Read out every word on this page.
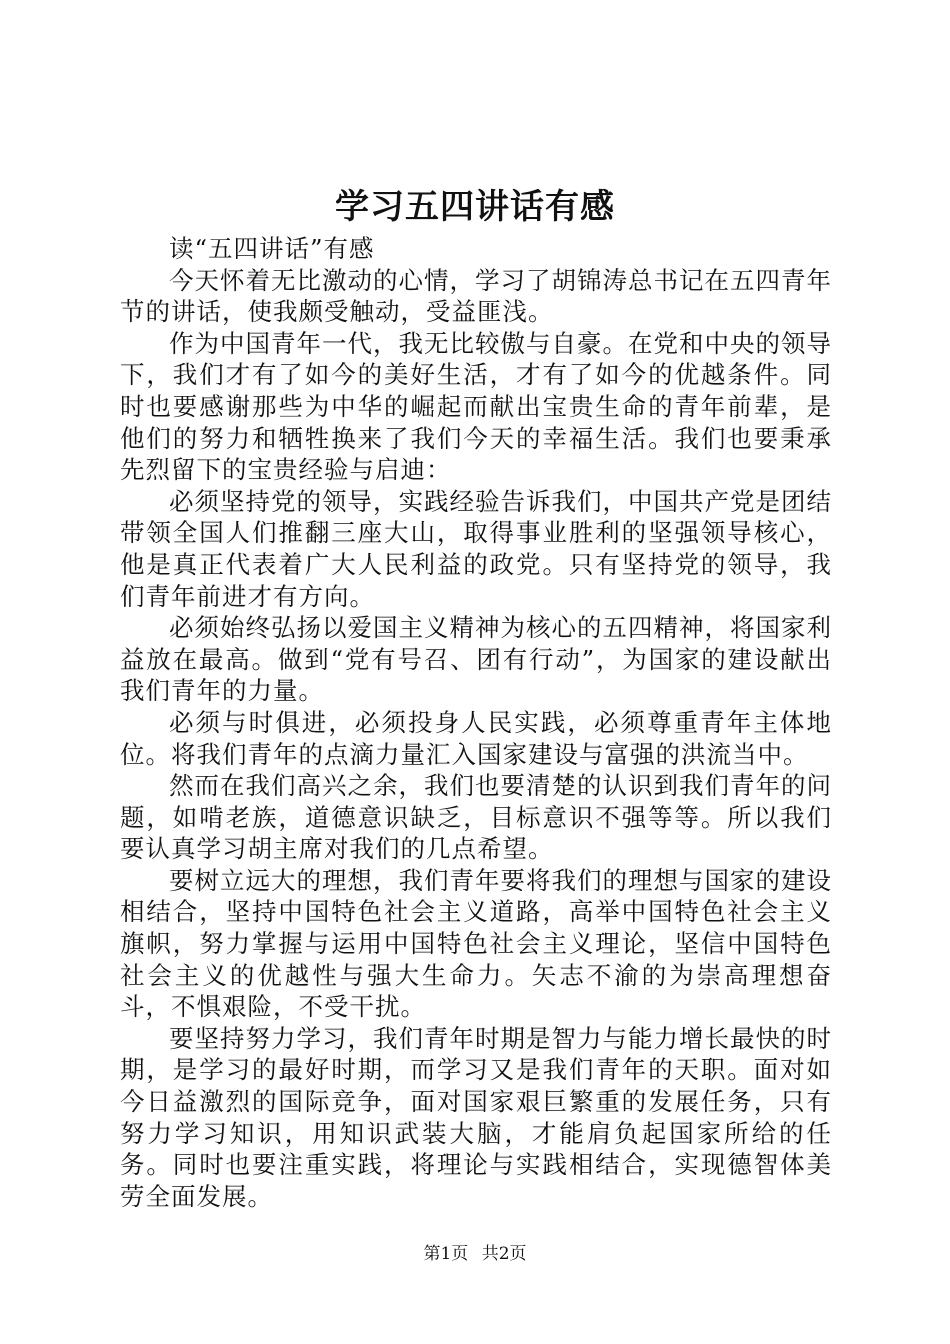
学习五四讲话有感

读“五四讲话”有感

今天怀着无比激动的心情，学习了胡锦涛总书记在五四青年节的讲话，使我颇受触动，受益匪浅。

作为中国青年一代，我无比较傲与自豪。在党和中央的领导下，我们才有了如今的美好生活，才有了如今的优越条件。同时也要感谢那些为中华的崛起而献出宝贵生命的青年前辈，是他们的努力和牺牲换来了我们今天的幸福生活。我们也要秉承先烈留下的宝贵经验与启迪：

必须坚持党的领导，实践经验告诉我们，中国共产党是团结带领全国人们推翻三座大山，取得事业胜利的坚强领导核心，他是真正代表着广大人民利益的政党。只有坚持党的领导，我们青年前进才有方向。

必须始终弘扬以爱国主义精神为核心的五四精神，将国家利益放在最高。做到“党有号召、团有行动”，为国家的建设献出我们青年的力量。

必须与时俱进，必须投身人民实践，必须尊重青年主体地位。将我们青年的点滴力量汇入国家建设与富强的洪流当中。

然而在我们高兴之余，我们也要清楚的认识到我们青年的问题，如啃老族，道德意识缺乏，目标意识不强等等。所以我们要认真学习胡主席对我们的几点希望。

要树立远大的理想，我们青年要将我们的理想与国家的建设相结合，坚持中国特色社会主义道路，高举中国特色社会主义旗帜，努力掌握与运用中国特色社会主义理论，坚信中国特色社会主义的优越性与强大生命力。矢志不渝的为崇高理想奋斗，不惧艰险，不受干扰。

要坚持努力学习，我们青年时期是智力与能力增长最快的时期，是学习的最好时期，而学习又是我们青年的天职。面对如今日益激烈的国际竞争，面对国家艰巨繁重的发展任务，只有努力学习知识，用知识武装大脑，才能肩负起国家所给的任务。同时也要注重实践，将理论与实践相结合，实现德智体美劳全面发展。

第1页 共2页
